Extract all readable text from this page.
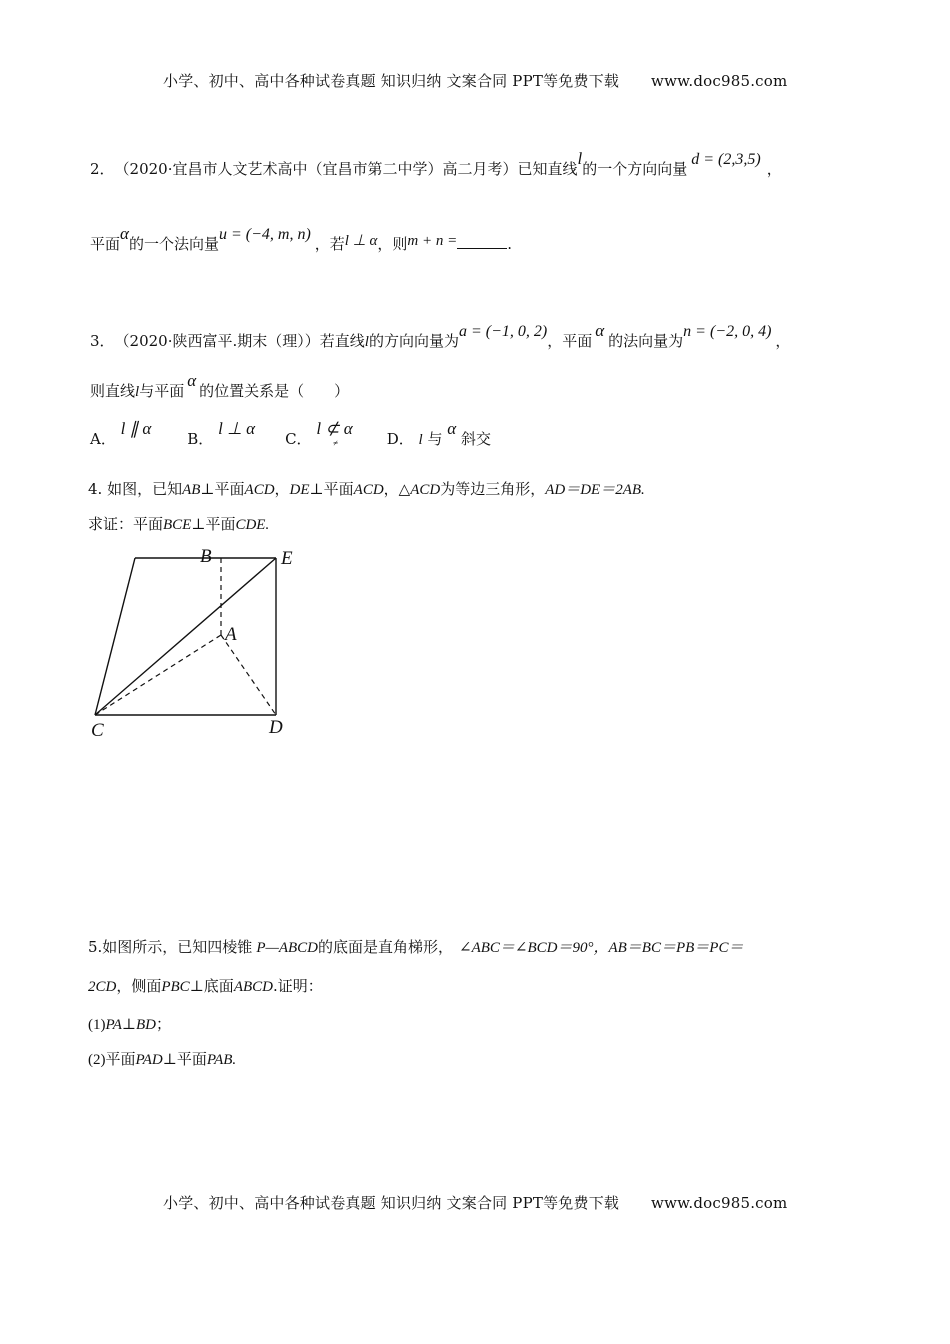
小学、初中、高中各种试卷真题 知识归纳 文案合同 PPT等免费下载 www.doc985.com
2． （2020·宜昌市人文艺术高中（宜昌市第二中学）高二月考）已知直线
l
的一个方向向量
d = (2,3,5)
，
平面
α
的一个法向量
u = (−4, m, n)
，若 l ⊥ α ，则 m + n =	.
3． （2020·陕西富平.期末（理））若直线 l 的方向向量为
a = (−1, 0, 2)
，平面
α
的法向量为
n = (−2, 0, 4)
，
则直线 l 与平面
α
的位置关系是（　　）
A． l ∥ α
B． l ⊥ α
C． l ⊄ α
≠	D． l 与 α 斜交
4. 如图，已知 AB ⊥平面 ACD ， DE ⊥平面 ACD ，△ ACD 为等边三角形， AD＝DE＝2AB.
求证：平面 BCE ⊥平面 CDE.
B	E
A
C	D
5.如图所示，已知四棱锥 P—ABCD 的底面是直角梯形， ∠ABC＝∠BCD＝90°， AB＝BC＝PB＝PC＝
2CD ，侧面 PBC ⊥底面 ABCD .证明：
(1) PA⊥BD ；
(2) 平面 PAD ⊥平面 PAB.
小学、初中、高中各种试卷真题 知识归纳 文案合同 PPT等免费下载 www.doc985.com
